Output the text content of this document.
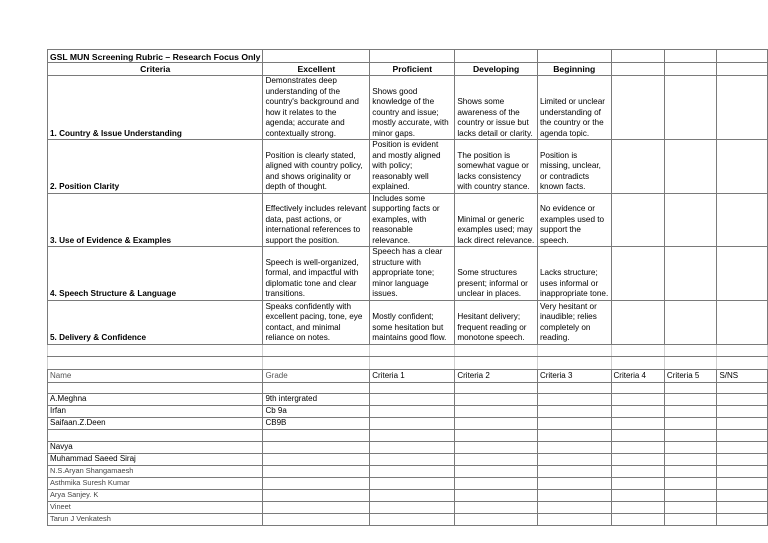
GSL MUN Screening Rubric – Research Focus Only							
Criteria	Excellent	Proficient	Developing	Beginning			
1. Country & Issue Understanding	Demonstrates deep understanding of the country's background and how it relates to the agenda; accurate and contextually strong.	Shows good knowledge of the country and issue; mostly accurate, with minor gaps.	Shows some awareness of the country or issue but lacks detail or clarity.	Limited or unclear understanding of the country or the agenda topic.			
2. Position Clarity	Position is clearly stated, aligned with country policy, and shows originality or depth of thought.	Position is evident and mostly aligned with policy; reasonably well explained.	The position is somewhat vague or lacks consistency with country stance.	Position is missing, unclear, or contradicts known facts.			
3. Use of Evidence & Examples	Effectively includes relevant data, past actions, or international references to support the position.	Includes some supporting facts or examples, with reasonable relevance.	Minimal or generic examples used; may lack direct relevance.	No evidence or examples used to support the speech.			
4. Speech Structure & Language	Speech is well-organized, formal, and impactful with diplomatic tone and clear transitions.	Speech has a clear structure with appropriate tone; minor language issues.	Some structures present; informal or unclear in places.	Lacks structure; uses informal or inappropriate tone.			
5. Delivery & Confidence	Speaks confidently with excellent pacing, tone, eye contact, and minimal reliance on notes.	Mostly confident; some hesitation but maintains good flow.	Hesitant delivery; frequent reading or monotone speech.	Very hesitant or inaudible; relies completely on reading.			

Name	Grade	Criteria 1	Criteria 2	Criteria 3	Criteria 4	Criteria 5	S/NS

A.Meghna	9th intergrated						
Irfan	Cb 9a						
Saifaan.Z.Deen	CB9B						

Navya							
Muhammad Saeed Siraj							
N.S.Aryan Shangamaesh							
Asthmika Suresh Kumar							
Arya Sanjey. K							
Vineet							
Tarun J Venkatesh							
